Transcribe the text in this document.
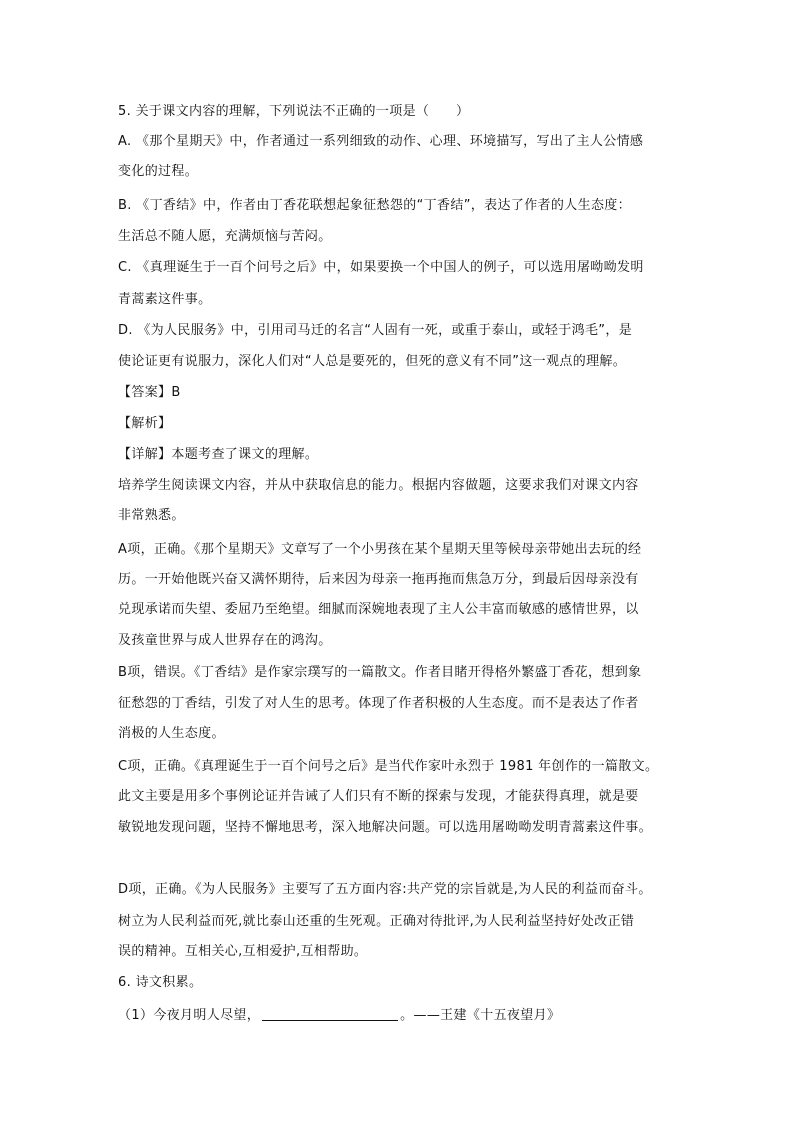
5. 关于课文内容的理解，下列说法不正确的一项是（　　）
A. 《那个星期天》中，作者通过一系列细致的动作、心理、环境描写，写出了主人公情感
变化的过程。
B. 《丁香结》中，作者由丁香花联想起象征愁怨的“丁香结”，表达了作者的人生态度：
生活总不随人愿，充满烦恼与苦闷。
C. 《真理诞生于一百个问号之后》中，如果要换一个中国人的例子，可以选用屠呦呦发明
青蒿素这件事。
D. 《为人民服务》中，引用司马迁的名言“人固有一死，或重于泰山，或轻于鸿毛”，是
使论证更有说服力，深化人们对“人总是要死的，但死的意义有不同”这一观点的理解。
【答案】B
【解析】
【详解】本题考查了课文的理解。
培养学生阅读课文内容，并从中获取信息的能力。根据内容做题，这要求我们对课文内容
非常熟悉。
A项，正确。《那个星期天》文章写了一个小男孩在某个星期天里等候母亲带她出去玩的经
历。一开始他既兴奋又满怀期待，后来因为母亲一拖再拖而焦急万分，到最后因母亲没有
兑现承诺而失望、委屈乃至绝望。细腻而深婉地表现了主人公丰富而敏感的感情世界，以
及孩童世界与成人世界存在的鸿沟。
B项，错误。《丁香结》是作家宗璞写的一篇散文。作者目睹开得格外繁盛丁香花，想到象
征愁怨的丁香结，引发了对人生的思考。体现了作者积极的人生态度。而不是表达了作者
消极的人生态度。
C项，正确。《真理诞生于一百个问号之后》是当代作家叶永烈于 1981 年创作的一篇散文。
此文主要是用多个事例论证并告诫了人们只有不断的探索与发现，才能获得真理，就是要
敏锐地发现问题，坚持不懈地思考，深入地解决问题。可以选用屠呦呦发明青蒿素这件事。
D项，正确。《为人民服务》主要写了五方面内容:共产党的宗旨就是,为人民的利益而奋斗。
树立为人民利益而死,就比泰山还重的生死观。正确对待批评,为人民利益坚持好处改正错
误的精神。互相关心,互相爱护,互相帮助。
6. 诗文积累。
（1）今夜月明人尽望，	。——王建《十五夜望月》
